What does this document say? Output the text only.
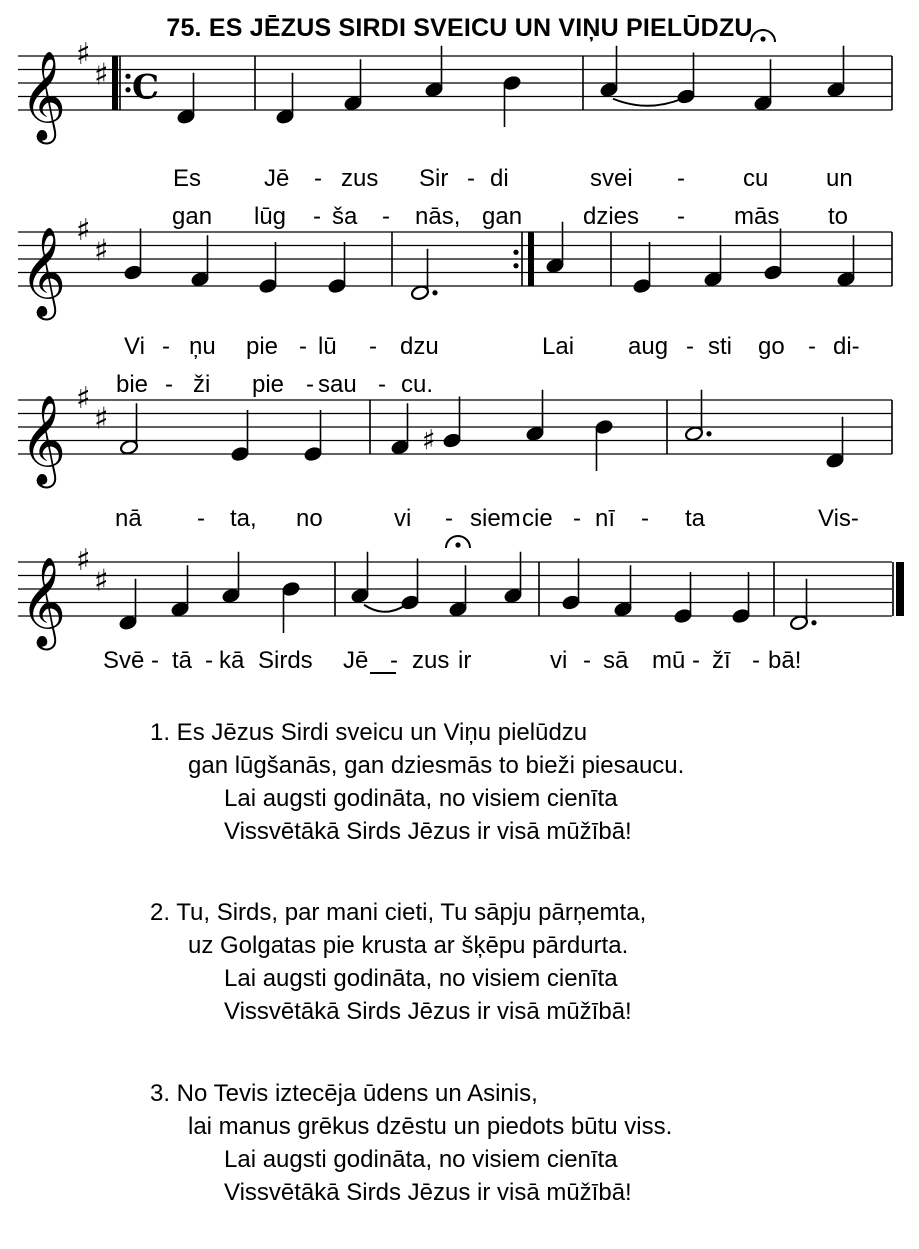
75. ES JĒZUS SIRDI SVEICU UN VIŅU PIELŪDZU
𝄞 ♯
♯ C
𝄞 ♯
♯
𝄞 ♯
♯
♯
𝄞 ♯
♯
Es	Jē - zus Sir - di	svei - cu un
gan lūg - ša - nās, gan	dzies - mās to
Vi - ņu pie - lū - dzu	Lai aug - sti go - di-
bie - ži pie - sau - cu.
nā - ta, no	vi - siem cie - nī - ta	Vis-
Svē - tā - kā Sirds Jē - zus ir	vi - sā mū - žī - bā!
1. Es Jēzus Sirdi sveicu un Viņu pielūdzu
gan lūgšanās, gan dziesmās to bieži piesaucu.
Lai augsti godināta, no visiem cienīta
Vissvētākā Sirds Jēzus ir visā mūžībā!
2. Tu, Sirds, par mani cieti, Tu sāpju pārņemta,
uz Golgatas pie krusta ar šķēpu pārdurta.
Lai augsti godināta, no visiem cienīta
Vissvētākā Sirds Jēzus ir visā mūžībā!
3. No Tevis iztecēja ūdens un Asinis,
lai manus grēkus dzēstu un piedots būtu viss.
Lai augsti godināta, no visiem cienīta
Vissvētākā Sirds Jēzus ir visā mūžībā!
